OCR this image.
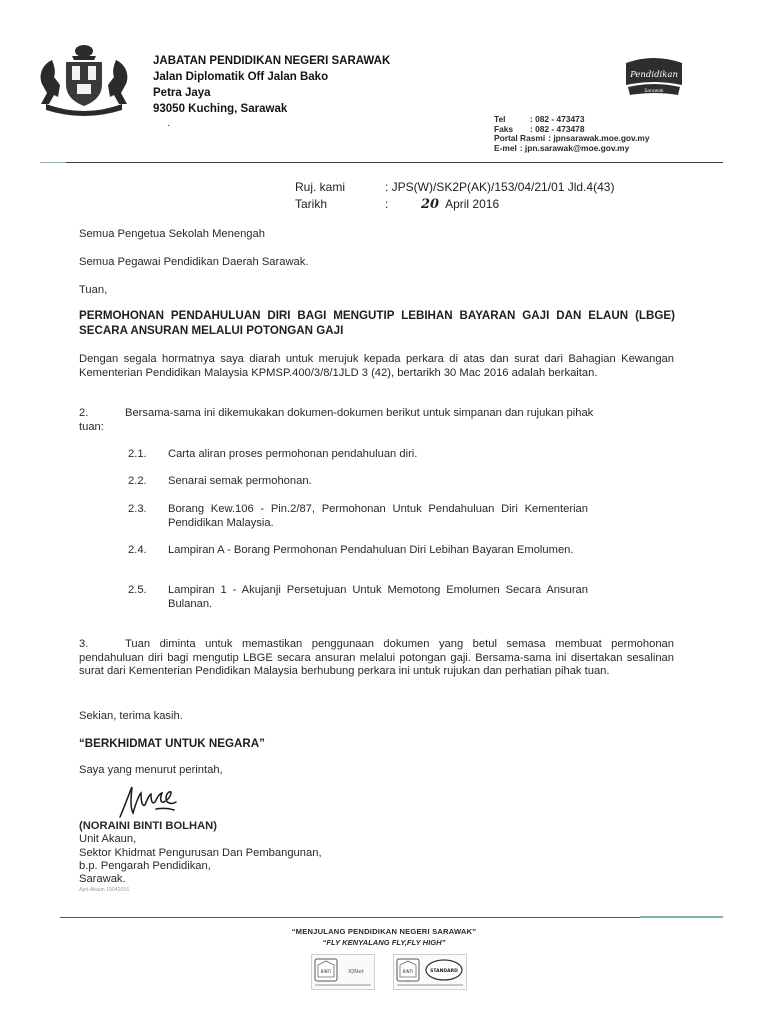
JABATAN PENDIDIKAN NEGERI SARAWAK
Jalan Diplomatik Off Jalan Bako
Petra Jaya
93050 Kuching, Sarawak
Pendidikan
Sarawak
·
Tel	: 082 - 473473
Faks : 082 - 473478
Portal Rasmi : jpnsarawak.moe.gov.my
E-mel : jpn.sarawak@moe.gov.my
Ruj. kami	: JPS(W)/SK2P(AK)/153/04/21/01 Jld.4(43)
Tarikh	:	20 April 2016
Semua Pengetua Sekolah Menengah
Semua Pegawai Pendidikan Daerah Sarawak.
Tuan,
PERMOHONAN PENDAHULUAN DIRI BAGI MENGUTIP LEBIHAN BAYARAN GAJI DAN ELAUN (LBGE) SECARA ANSURAN MELALUI POTONGAN GAJI
Dengan segala hormatnya saya diarah untuk merujuk kepada perkara di atas dan surat dari Bahagian Kewangan Kementerian Pendidikan Malaysia KPMSP.400/3/8/1JLD 3 (42), bertarikh 30 Mac 2016 adalah berkaitan.
2.	Bersama-sama ini dikemukakan dokumen-dokumen berikut untuk simpanan dan rujukan pihak
tuan:
2.1. Carta aliran proses permohonan pendahuluan diri.
2.2. Senarai semak permohonan.
2.3. Borang Kew.106 - Pin.2/87, Permohonan Untuk Pendahuluan Diri Kementerian Pendidikan Malaysia.
2.4. Lampiran A - Borang Permohonan Pendahuluan Diri Lebihan Bayaran Emolumen.
2.5. Lampiran 1 - Akujanji Persetujuan Untuk Memotong Emolumen Secara Ansuran Bulanan.
3.	Tuan diminta untuk memastikan penggunaan dokumen yang betul semasa membuat permohonan pendahuluan diri bagi mengutip LBGE secara ansuran melalui potongan gaji. Bersama-sama ini disertakan sesalinan surat dari Kementerian Pendidikan Malaysia berhubung perkara ini untuk rujukan dan perhatian pihak tuan.
Sekian, terima kasih.
“BERKHIDMAT UNTUK NEGARA”
Saya yang menurut perintah,
(NORAINI BINTI BOLHAN)
Unit Akaun,
Sektor Khidmat Pengurusan Dan Pembangunan,
b.p. Pengarah Pendidikan,
Sarawak.
Apd-Akaun 19042016
“MENJULANG PENDIDIKAN NEGERI SARAWAK”
“FLY KENYALANG FLY,FLY HIGH”
BINTI	IQNet	BINTI	STANDARD
